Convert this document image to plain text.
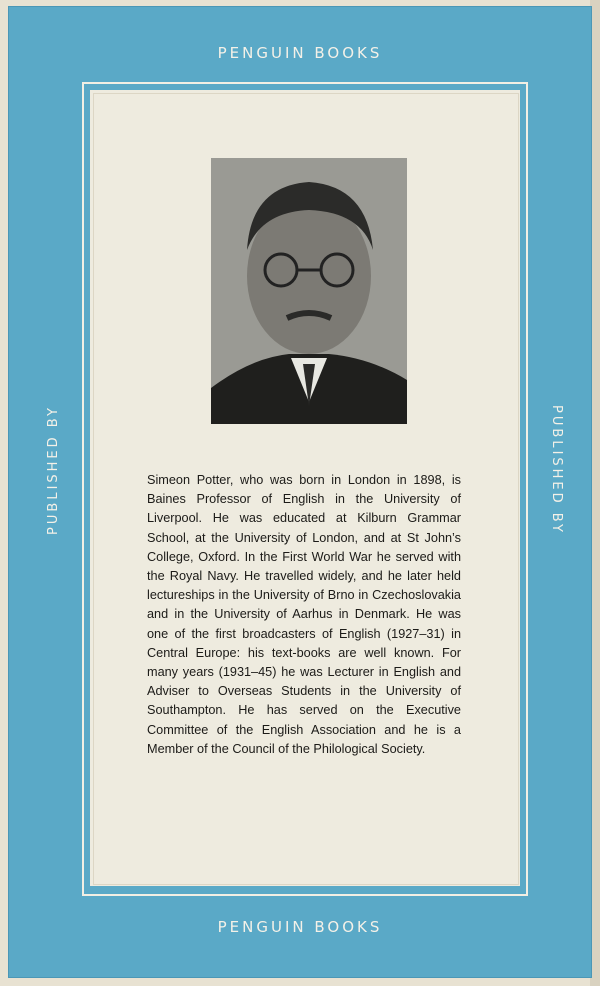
PENGUIN BOOKS
PENGUIN BOOKS
PUBLISHED BY	PUBLISHED BY
Simeon Potter, who was born in London in 1898, is Baines Professor of English in the University of Liverpool. He was educated at Kilburn Grammar School, at the University of London, and at St John’s College, Oxford. In the First World War he served with the Royal Navy. He travelled widely, and he later held lectureships in the University of Brno in Czechoslovakia and in the University of Aarhus in Denmark. He was one of the first broadcasters of English (1927–31) in Central Europe: his text-books are well known. For many years (1931–45) he was Lecturer in English and Adviser to Overseas Students in the University of Southampton. He has served on the Executive Committee of the English Association and he is a Member of the Council of the Philological Society.
